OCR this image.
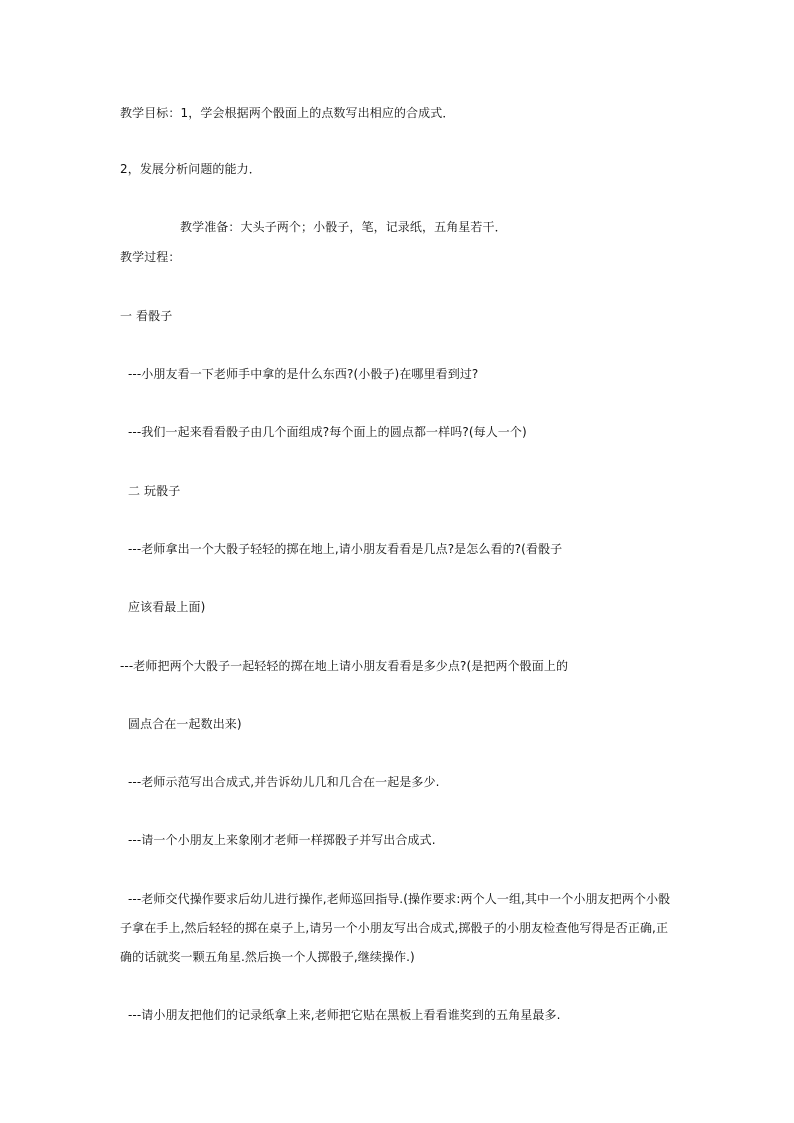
教学目标：1，学会根据两个骰面上的点数写出相应的合成式．
2，发展分析问题的能力．
教学准备：大头子两个；小骰子，笔，记录纸，五角星若干．
教学过程：
一 看骰子
---小朋友看一下老师手中拿的是什么东西?(小骰子)在哪里看到过?
---我们一起来看看骰子由几个面组成?每个面上的圆点都一样吗?(每人一个)
二 玩骰子
---老师拿出一个大骰子轻轻的掷在地上,请小朋友看看是几点?是怎么看的?(看骰子
应该看最上面)
---老师把两个大骰子一起轻轻的掷在地上请小朋友看看是多少点?(是把两个骰面上的
圆点合在一起数出来)
---老师示范写出合成式,并告诉幼儿几和几合在一起是多少.
---请一个小朋友上来象刚才老师一样掷骰子并写出合成式.
---老师交代操作要求后幼儿进行操作,老师巡回指导.(操作要求:两个人一组,其中一个小朋友把两个小骰
子拿在手上,然后轻轻的掷在桌子上,请另一个小朋友写出合成式,掷骰子的小朋友检查他写得是否正确,正
确的话就奖一颗五角星.然后换一个人掷骰子,继续操作.)
---请小朋友把他们的记录纸拿上来,老师把它贴在黑板上看看谁奖到的五角星最多.
